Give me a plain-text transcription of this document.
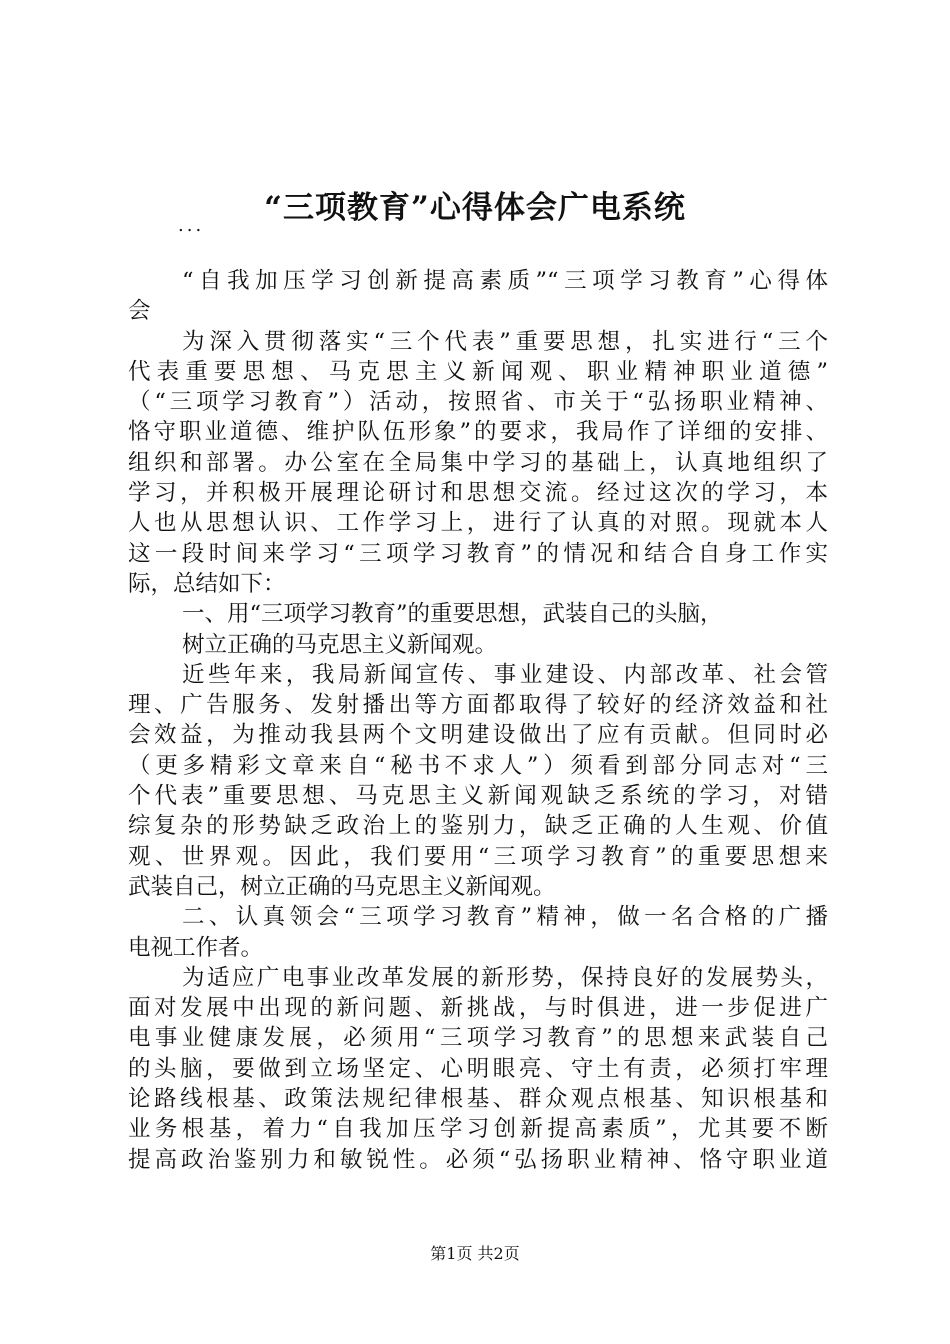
“三项教育”心得体会广电系统
...
“自我加压学习创新提高素质”“三项学习教育”心得体
会
为深入贯彻落实“三个代表”重要思想，扎实进行“三个
代表重要思想、马克思主义新闻观、职业精神职业道德”
（“三项学习教育”）活动，按照省、市关于“弘扬职业精神、
恪守职业道德、维护队伍形象”的要求，我局作了详细的安排、
组织和部署。办公室在全局集中学习的基础上，认真地组织了
学习，并积极开展理论研讨和思想交流。经过这次的学习，本
人也从思想认识、工作学习上，进行了认真的对照。现就本人
这一段时间来学习“三项学习教育”的情况和结合自身工作实
际，总结如下：
一、用“三项学习教育”的重要思想，武装自己的头脑，
树立正确的马克思主义新闻观。
近些年来，我局新闻宣传、事业建设、内部改革、社会管
理、广告服务、发射播出等方面都取得了较好的经济效益和社
会效益，为推动我县两个文明建设做出了应有贡献。但同时必
（更多精彩文章来自“秘书不求人”）须看到部分同志对“三
个代表”重要思想、马克思主义新闻观缺乏系统的学习，对错
综复杂的形势缺乏政治上的鉴别力，缺乏正确的人生观、价值
观、世界观。因此，我们要用“三项学习教育”的重要思想来
武装自己，树立正确的马克思主义新闻观。
二、认真领会“三项学习教育”精神，做一名合格的广播
电视工作者。
为适应广电事业改革发展的新形势，保持良好的发展势头，
面对发展中出现的新问题、新挑战，与时俱进，进一步促进广
电事业健康发展，必须用“三项学习教育”的思想来武装自己
的头脑，要做到立场坚定、心明眼亮、守土有责，必须打牢理
论路线根基、政策法规纪律根基、群众观点根基、知识根基和
业务根基，着力“自我加压学习创新提高素质”，尤其要不断
提高政治鉴别力和敏锐性。必须“弘扬职业精神、恪守职业道
第1页 共2页
